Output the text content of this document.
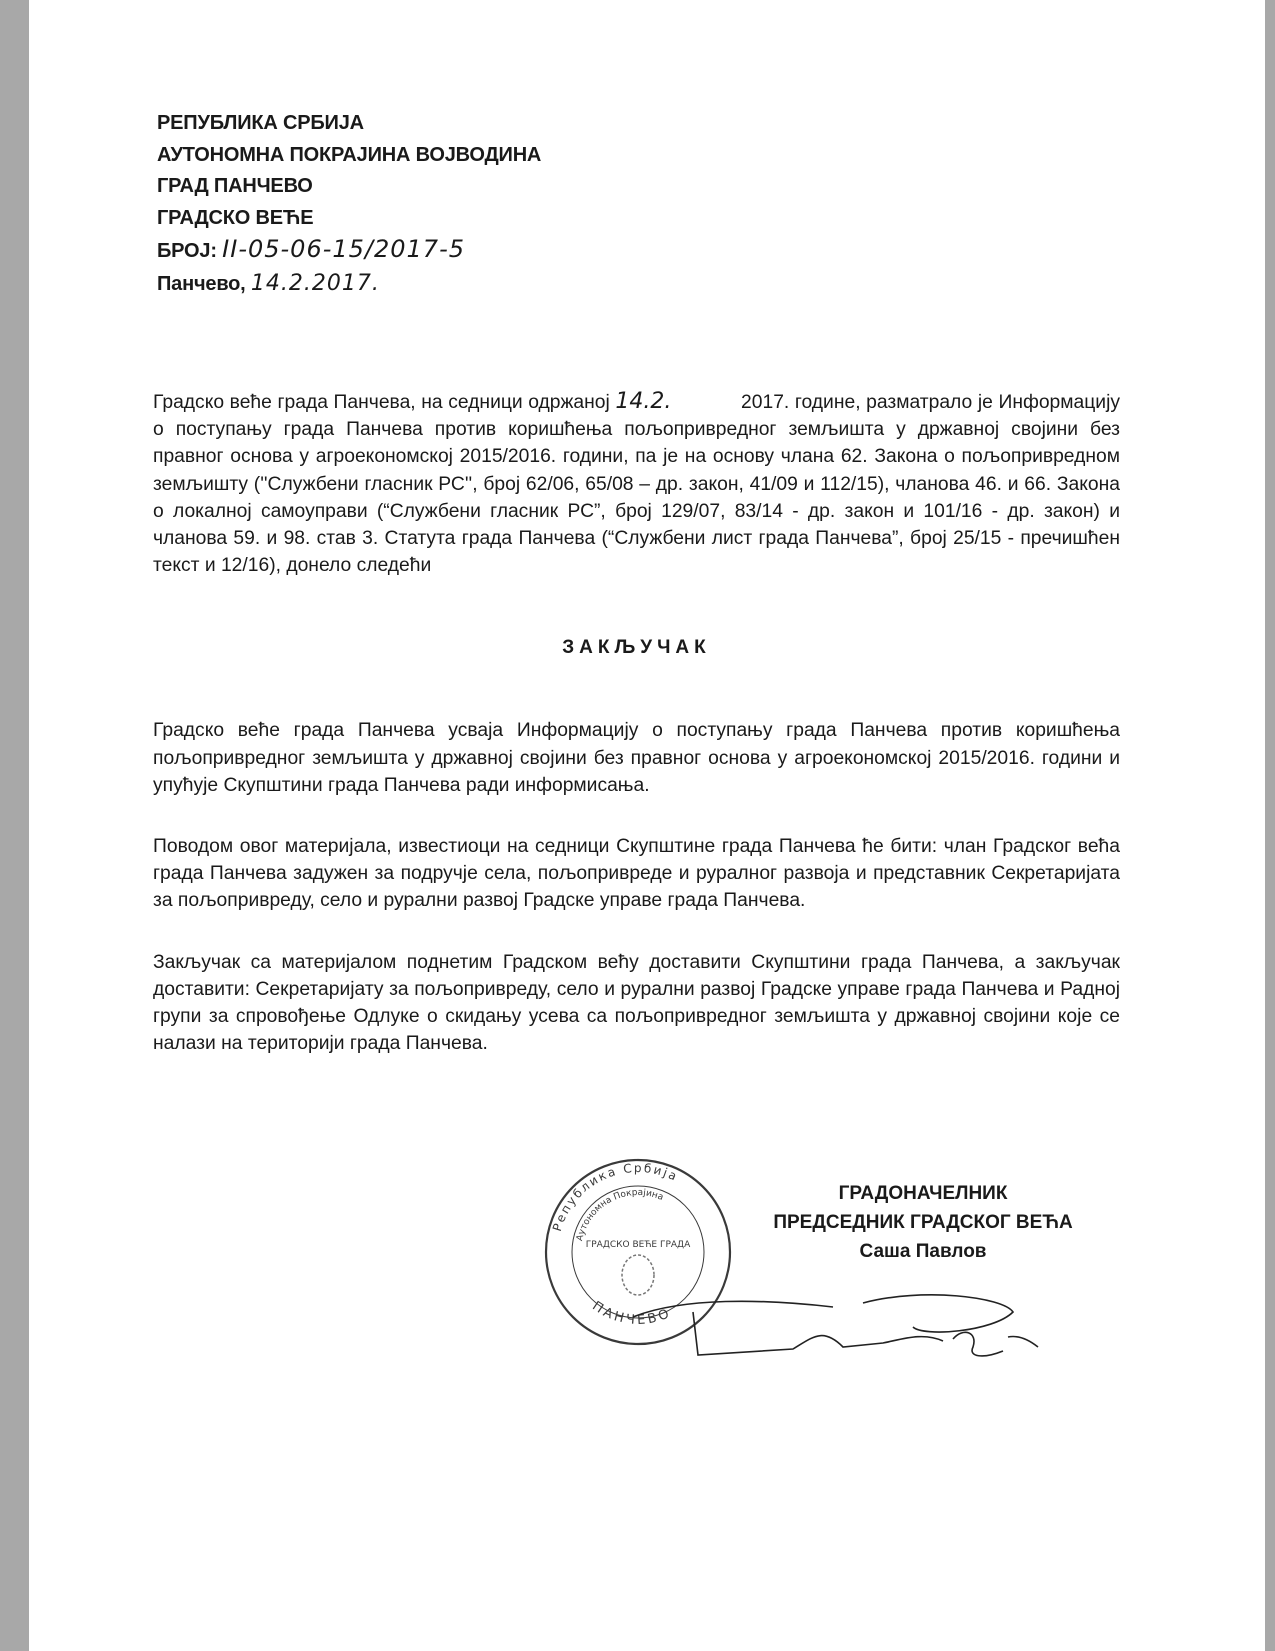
РЕПУБЛИКА СРБИЈА
АУТОНОМНА ПОКРАЈИНА ВОЈВОДИНА
ГРАД ПАНЧЕВО
ГРАДСКО ВЕЋЕ
БРОЈ: II-05-06-15/2017-5
Панчево, 14.2.2017.
Градско веће града Панчева, на седници одржаној 14.2.	2017. године, разматрало је Информацију о поступању града Панчева против коришћења пољопривредног земљишта у државној својини без правног основа у агроекономској 2015/2016. години, па је на основу члана 62. Закона о пољопривредном земљишту (''Службени гласник РС'', број 62/06, 65/08 – др. закон, 41/09 и 112/15), чланова 46. и 66. Закона о локалној самоуправи (“Службени гласник РС”, број 129/07, 83/14 - др. закон и 101/16 - др. закон) и чланова 59. и 98. став 3. Статута града Панчева (“Службени лист града Панчева”, број 25/15 - пречишћен текст и 12/16), донело следећи
ЗАКЉУЧАК
Градско веће града Панчева усваја Информацију о поступању града Панчева против коришћења пољопривредног земљишта у државној својини без правног основа у агроекономској 2015/2016. години и упућује Скупштини града Панчева ради информисања.
Поводом овог материјала, известиоци на седници Скупштине града Панчева ће бити: члан Градског већа града Панчева задужен за подручје села, пољопривреде и руралног развоја и представник Секретаријата за пољопривреду, село и рурални развој Градске управе града Панчева.
Закључак са материјалом поднетим Градском већу доставити Скупштини града Панчева, а закључак доставити: Секретаријату за пољопривреду, село и рурални развој Градске управе града Панчева и Радној групи за спровођење Одлуке о скидању усева са пољопривредног земљишта у државној својини које се налази на територији града Панчева.
Република Србија
Аутономна Покрајина
ГРАДСКО ВЕЋЕ ГРАДА
ПАНЧЕВО
ГРАДОНАЧЕЛНИК
ПРЕДСЕДНИК ГРАДСКОГ ВЕЋА
Саша Павлов
